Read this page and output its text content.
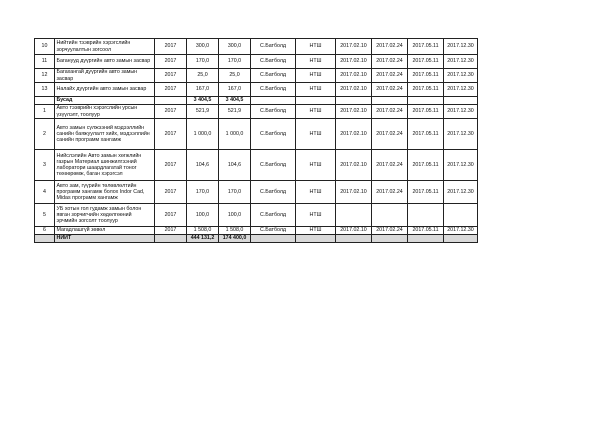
10	Нийтийн тээврийн хэрэгслийн зорчуулалтын зогсоол	2017	300,0	300,0	С.Батболд	НТШ	2017.02.10	2017.02.24	2017.05.11	2017.12.30
11	Баганууд дүүргийн авто замын засвар	2017	170,0	170,0	С.Батболд	НТШ	2017.02.10	2017.02.24	2017.05.11	2017.12.30
12	Багахангай дүүргийн авто замын засвар	2017	25,0	25,0	С.Батболд	НТШ	2017.02.10	2017.02.24	2017.05.11	2017.12.30
13	Налайх дүүргийн авто замын засвар	2017	167,0	167,0	С.Батболд	НТШ	2017.02.10	2017.02.24	2017.05.11	2017.12.30
	Бусад		3 404,5	3 404,5						
1	Авто тээврийн хэрэгслийн урсын үзүүлэлт, тоолуур	2017	521,9	521,9	С.Батболд	НТШ	2017.02.10	2017.02.24	2017.05.11	2017.12.30
2	Авто замын сүлжээний мэдээллийн санийн баяжуулалт хийх, мэдээллийн санийн программ хангамж	2017	1 000,0	1 000,0	С.Батболд	НТШ	2017.02.10	2017.02.24	2017.05.11	2017.12.30
3	Нийслэлийн Авто замын хөгжлийн газрын Материал шинжилгээний лаборатори шаардлагатай тоног төхөөрөмж, баган хэрэгсэл	2017	104,6	104,6	С.Батболд	НТШ	2017.02.10	2017.02.24	2017.05.11	2017.12.30
4	Авто зам, гүүрийн төлөвлөлтийн программ хангамж болох Indor Cad, Midas программ хангамж	2017	170,0	170,0	С.Батболд	НТШ	2017.02.10	2017.02.24	2017.05.11	2017.12.30
5	УБ хотын гол гудамж замын болон явган зорчигчийн хөдөлгөөний эрчмийн зогсолт тоолуур	2017	100,0	100,0	С.Батболд	НТШ				
6	Магадлашгүй зөвөл	2017	1 508,0	1 508,0	С.Батболд	НТШ	2017.02.10	2017.02.24	2017.05.11	2017.12.30
	НИЙТ		444 131,2	174 400,0						
